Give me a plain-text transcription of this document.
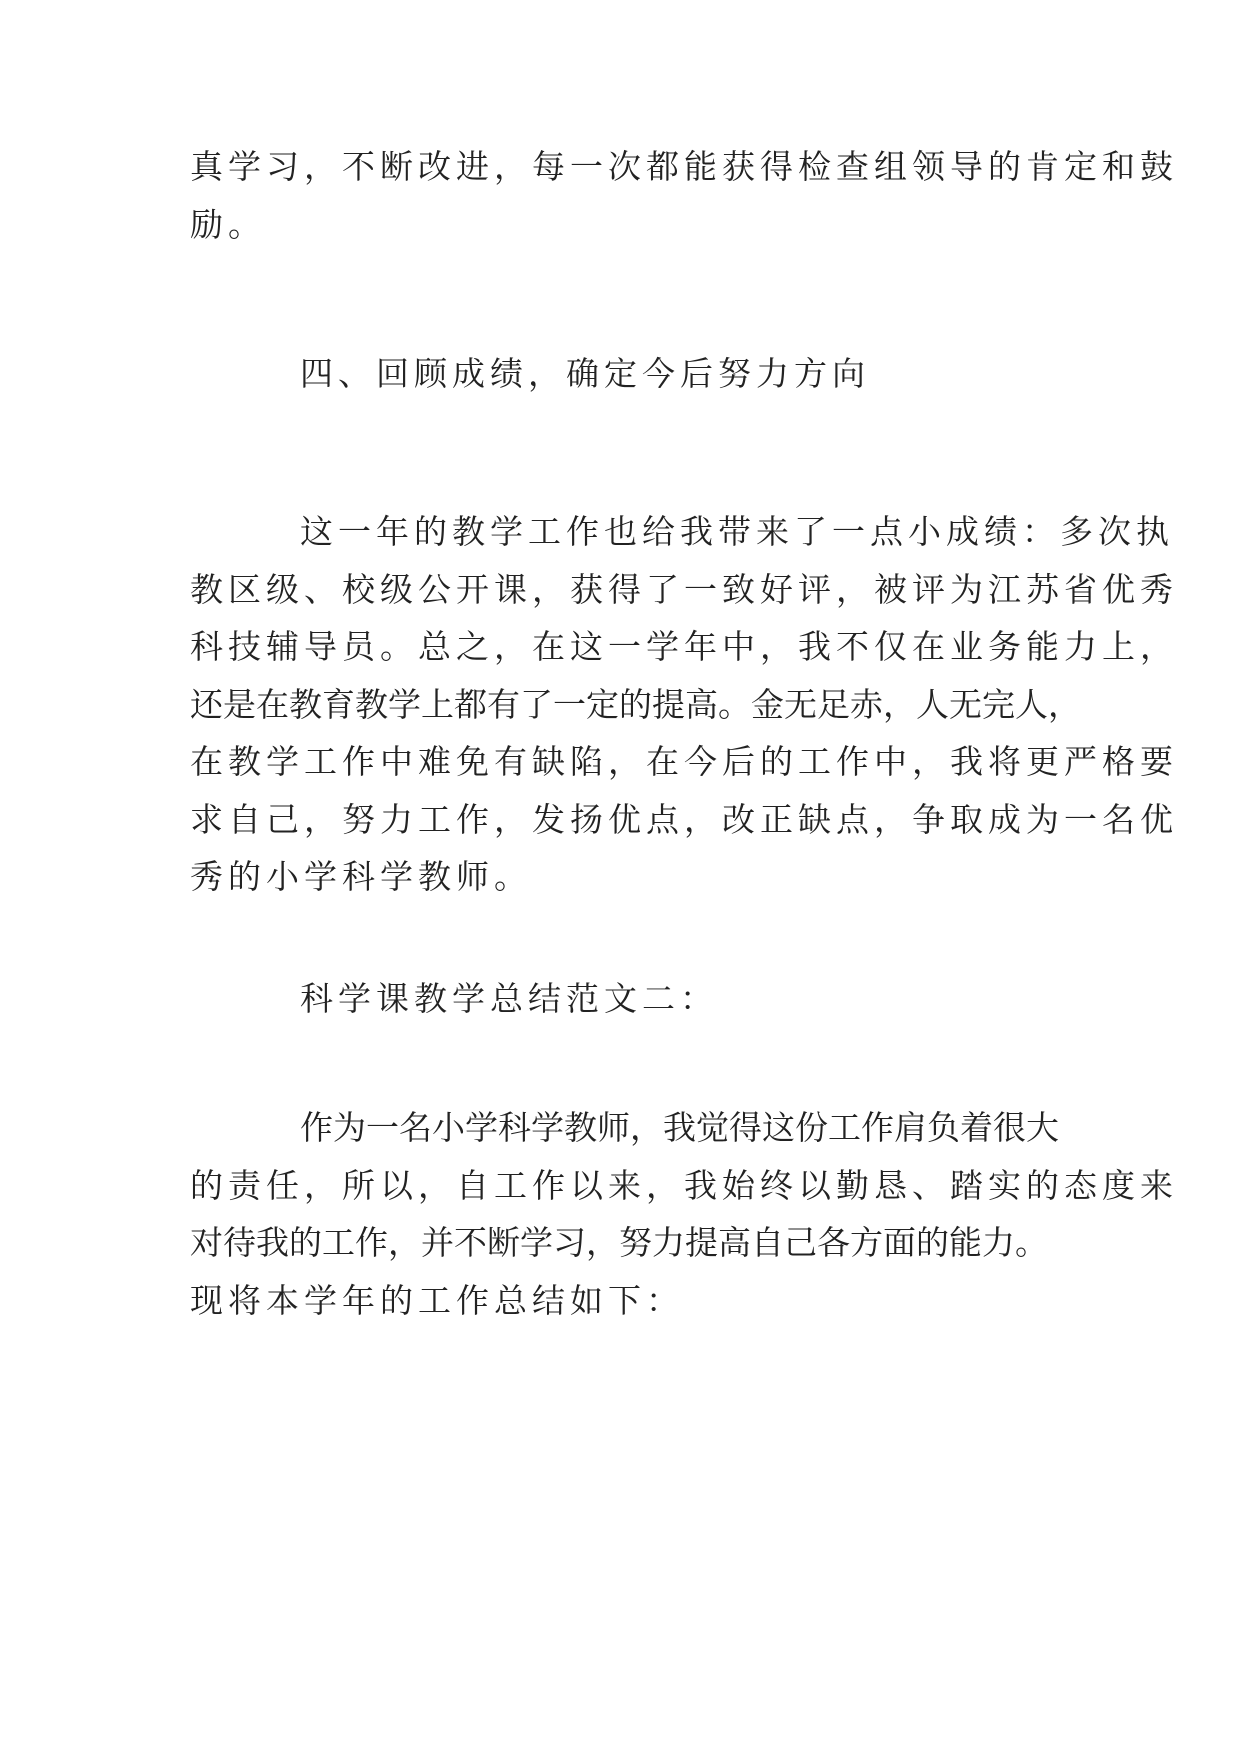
真学习，不断改进，每一次都能获得检查组领导的肯定和鼓
励。
四、回顾成绩，确定今后努力方向
这一年的教学工作也给我带来了一点小成绩：多次执
教区级、校级公开课，获得了一致好评，被评为江苏省优秀
科技辅导员。总之，在这一学年中，我不仅在业务能力上，
还是在教育教学上都有了一定的提高。金无足赤，人无完人，
在教学工作中难免有缺陷，在今后的工作中，我将更严格要
求自己，努力工作，发扬优点，改正缺点，争取成为一名优
秀的小学科学教师。
科学课教学总结范文二：
作为一名小学科学教师，我觉得这份工作肩负着很大
的责任，所以，自工作以来，我始终以勤恳、踏实的态度来
对待我的工作，并不断学习，努力提高自己各方面的能力。
现将本学年的工作总结如下：
